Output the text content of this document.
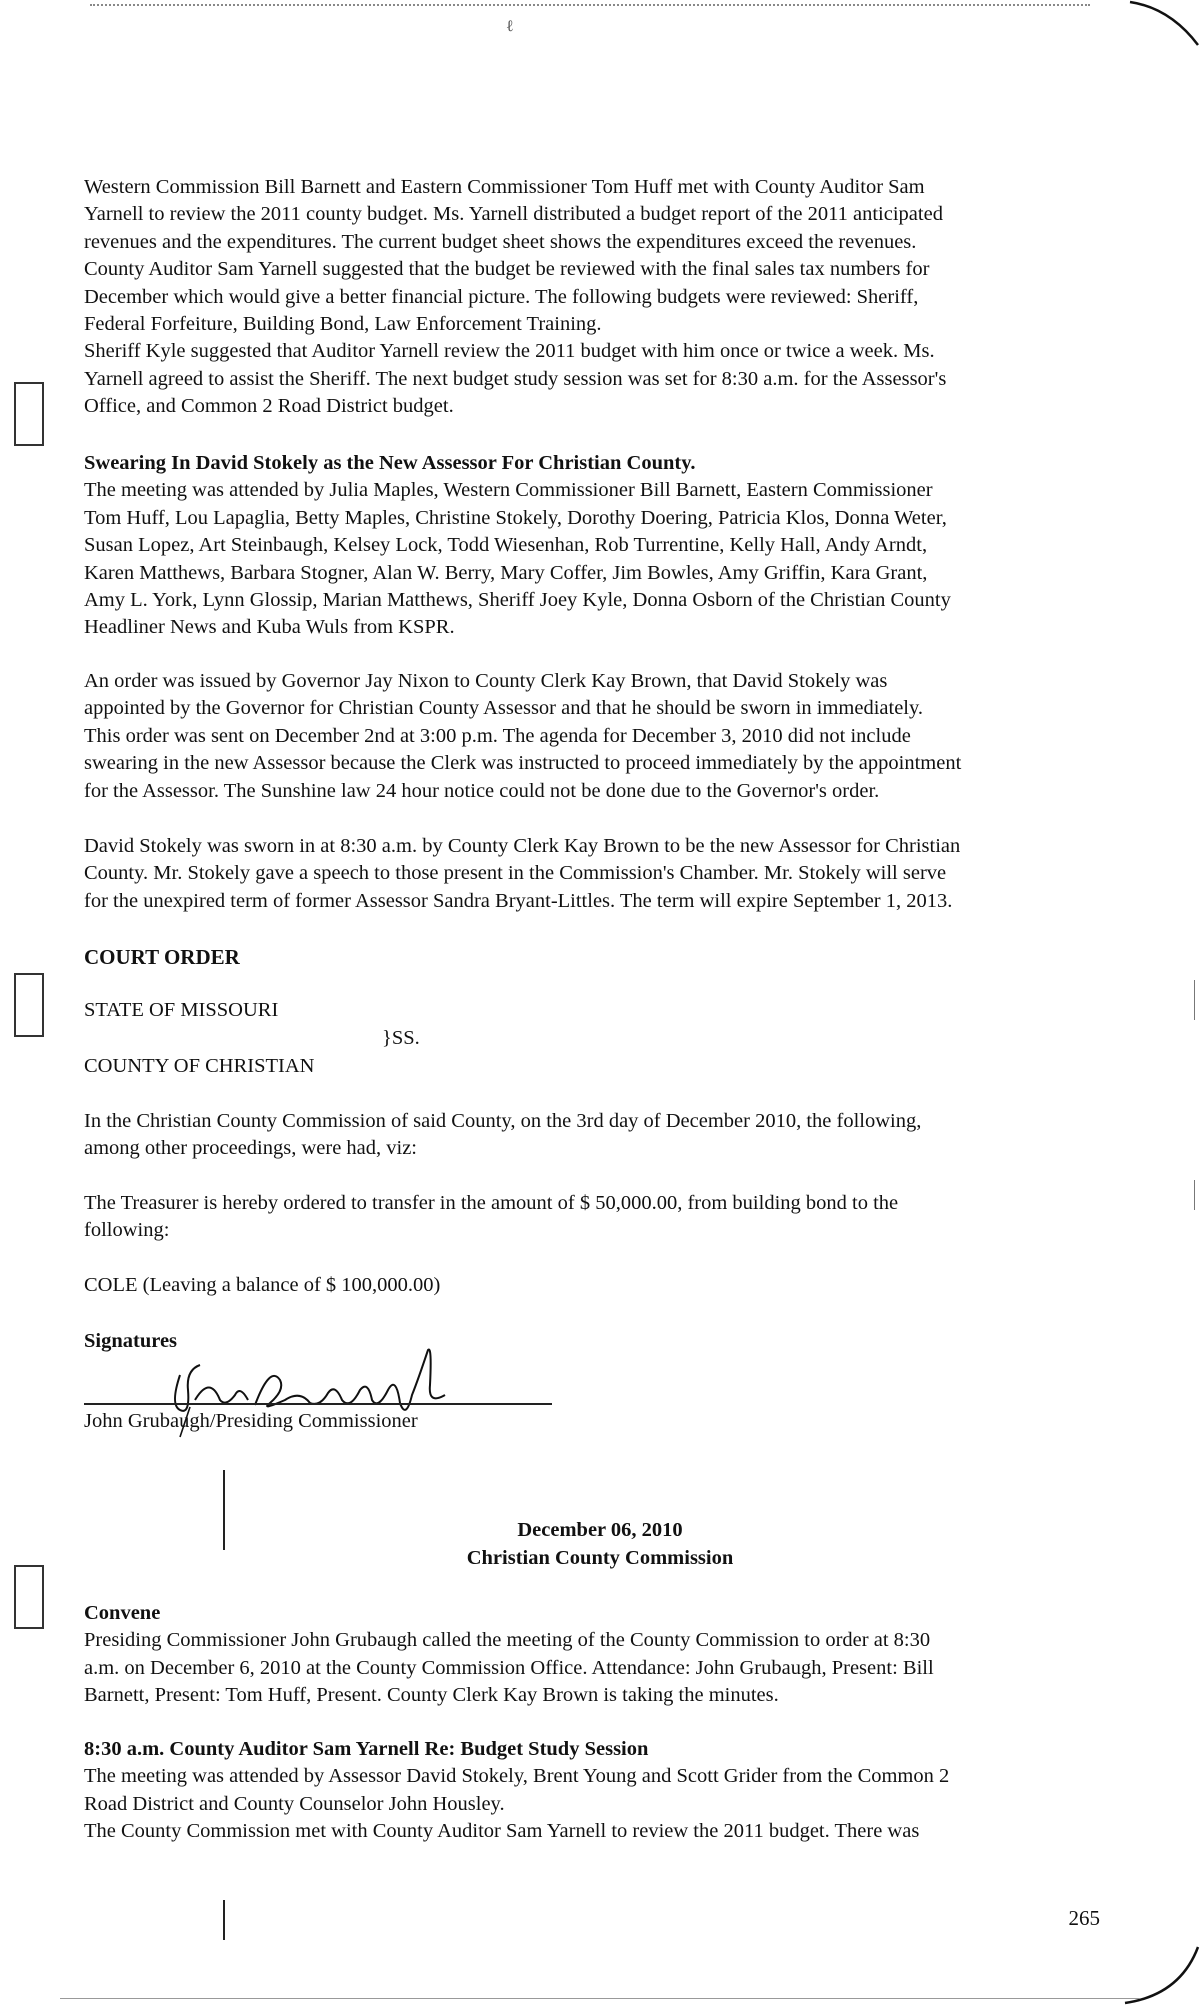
ℓ

Western Commission Bill Barnett and Eastern Commissioner Tom Huff met with County Auditor Sam
Yarnell to review the 2011 county budget. Ms. Yarnell distributed a budget report of the 2011 anticipated
revenues and the expenditures. The current budget sheet shows the expenditures exceed the revenues.
County Auditor Sam Yarnell suggested that the budget be reviewed with the final sales tax numbers for
December which would give a better financial picture. The following budgets were reviewed: Sheriff,
Federal Forfeiture, Building Bond, Law Enforcement Training.
Sheriff Kyle suggested that Auditor Yarnell review the 2011 budget with him once or twice a week. Ms.
Yarnell agreed to assist the Sheriff. The next budget study session was set for 8:30 a.m. for the Assessor's
Office, and Common 2 Road District budget.

Swearing In David Stokely as the New Assessor For Christian County.

The meeting was attended by Julia Maples, Western Commissioner Bill Barnett, Eastern Commissioner
Tom Huff, Lou Lapaglia, Betty Maples, Christine Stokely, Dorothy Doering, Patricia Klos, Donna Weter,
Susan Lopez, Art Steinbaugh, Kelsey Lock, Todd Wiesenhan, Rob Turrentine, Kelly Hall, Andy Arndt,
Karen Matthews, Barbara Stogner, Alan W. Berry, Mary Coffer, Jim Bowles, Amy Griffin, Kara Grant,
Amy L. York, Lynn Glossip, Marian Matthews, Sheriff Joey Kyle, Donna Osborn of the Christian County
Headliner News and Kuba Wuls from KSPR.

An order was issued by Governor Jay Nixon to County Clerk Kay Brown, that David Stokely was
appointed by the Governor for Christian County Assessor and that he should be sworn in immediately.
This order was sent on December 2nd at 3:00 p.m. The agenda for December 3, 2010 did not include
swearing in the new Assessor because the Clerk was instructed to proceed immediately by the appointment
for the Assessor. The Sunshine law 24 hour notice could not be done due to the Governor's order.

David Stokely was sworn in at 8:30 a.m. by County Clerk Kay Brown to be the new Assessor for Christian
County. Mr. Stokely gave a speech to those present in the Commission's Chamber. Mr. Stokely will serve
for the unexpired term of former Assessor Sandra Bryant-Littles. The term will expire September 1, 2013.

COURT ORDER
STATE OF MISSOURI
}SS.
COUNTY OF CHRISTIAN

In the Christian County Commission of said County, on the 3rd day of December 2010, the following,
among other proceedings, were had, viz:

The Treasurer is hereby ordered to transfer in the amount of $ 50,000.00, from building bond to the
following:

COLE (Leaving a balance of $ 100,000.00)
Signatures
John Grubaugh/Presiding Commissioner
December 06, 2010
Christian County Commission

Convene

Presiding Commissioner John Grubaugh called the meeting of the County Commission to order at 8:30
a.m. on December 6, 2010 at the County Commission Office. Attendance: John Grubaugh, Present: Bill
Barnett, Present: Tom Huff, Present. County Clerk Kay Brown is taking the minutes.

8:30 a.m. County Auditor Sam Yarnell Re: Budget Study Session

The meeting was attended by Assessor David Stokely, Brent Young and Scott Grider from the Common 2
Road District and County Counselor John Housley.
The County Commission met with County Auditor Sam Yarnell to review the 2011 budget. There was

265
